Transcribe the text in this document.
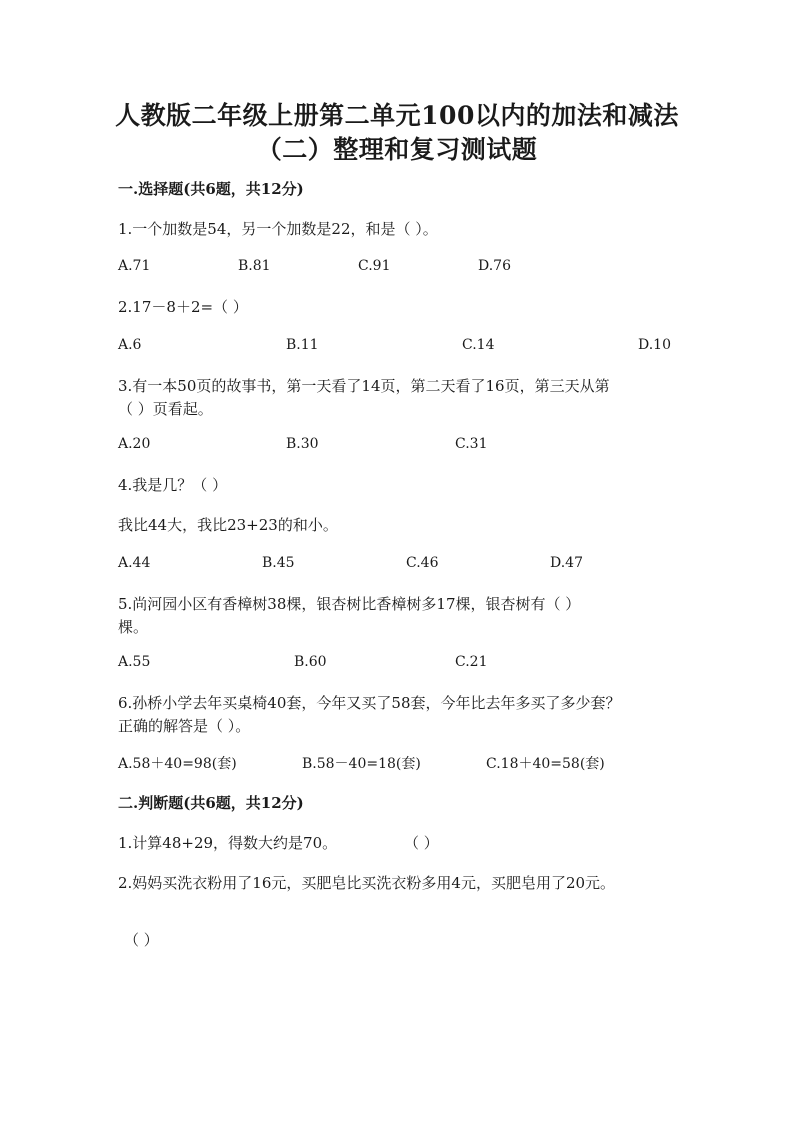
人教版二年级上册第二单元100以内的加法和减法
（二）整理和复习测试题
一.选择题(共6题，共12分)
1.一个加数是54，另一个加数是22，和是（ ）。
A.71	B.81	C.91	D.76
2.17－8＋2=（ ）
A.6	B.11	C.14	D.10
3.有一本50页的故事书，第一天看了14页，第二天看了16页，第三天从第
（ ）页看起。
A.20	B.30	C.31
4.我是几？（ ）
我比44大，我比23+23的和小。
A.44	B.45	C.46	D.47
5.尚河园小区有香樟树38棵，银杏树比香樟树多17棵，银杏树有（ ）
棵。
A.55	B.60	C.21
6.孙桥小学去年买桌椅40套，今年又买了58套，今年比去年多买了多少套？
正确的解答是（ ）。
A.58＋40=98(套)	B.58－40=18(套)	C.18＋40=58(套)
二.判断题(共6题，共12分)
1.计算48+29，得数大约是70。	（ ）
2.妈妈买洗衣粉用了16元，买肥皂比买洗衣粉多用4元，买肥皂用了20元。
（ ）
